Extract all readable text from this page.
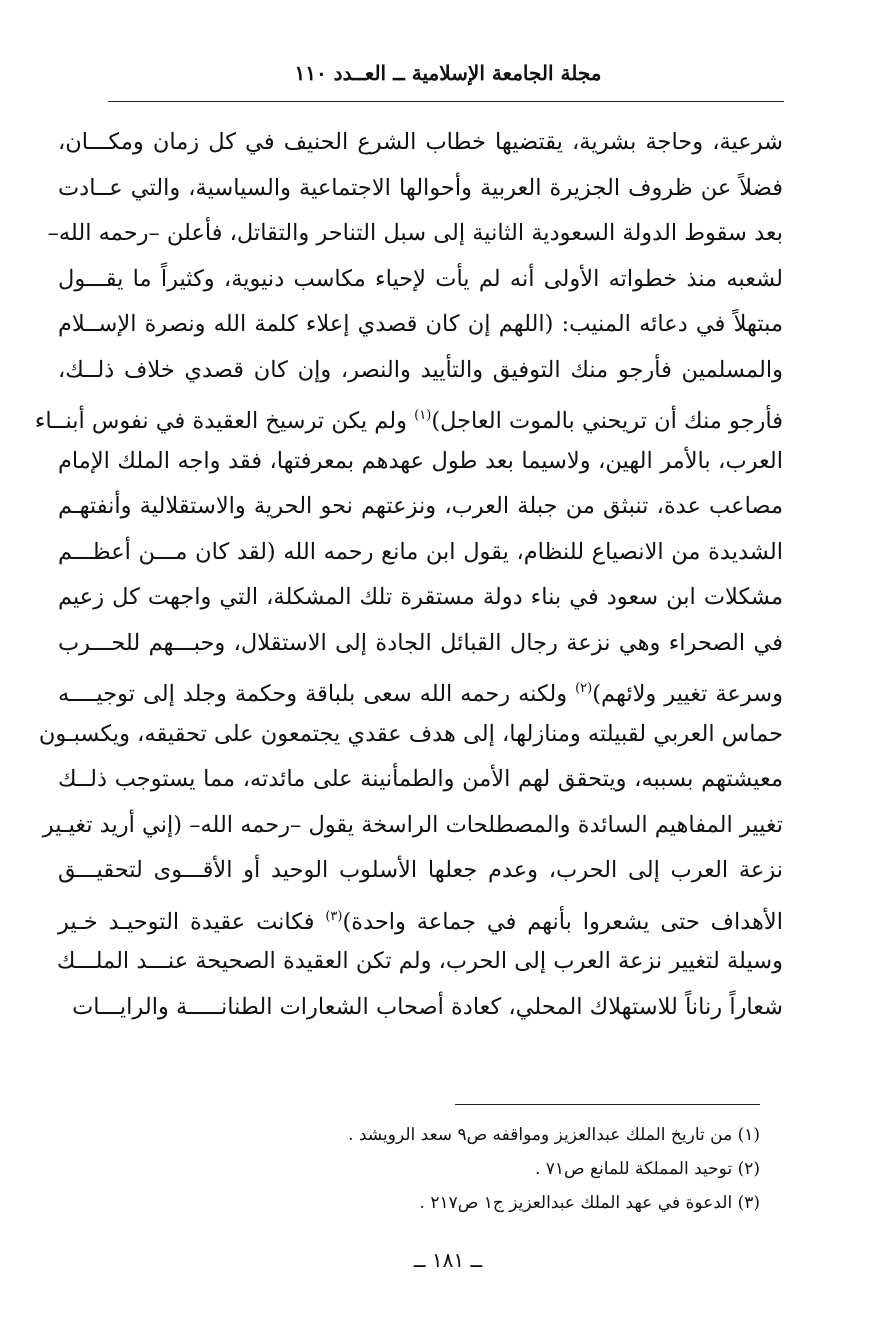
مجلة الجامعة الإسلامية ــ العــدد ١١٠
شرعية، وحاجة بشرية، يقتضيها خطاب الشرع الحنيف في كل زمان ومكـــان،
فضلاً عن ظروف الجزيرة العربية وأحوالها الاجتماعية والسياسية، والتي عــادت
بعد سقوط الدولة السعودية الثانية إلى سبل التناحر والتقاتل، فأعلن –رحمه الله–
لشعبه منذ خطواته الأولى أنه لم يأت لإحياء مكاسب دنيوية، وكثيراً ما يقـــول
مبتهلاً في دعائه المنيب: (اللهم إن كان قصدي إعلاء كلمة الله ونصرة الإســلام
والمسلمين فأرجو منك التوفيق والتأييد والنصر، وإن كان قصدي خلاف ذلــك،
فأرجو منك أن تريحني بالموت العاجل)$^{(١)}$ ولم يكن ترسيخ العقيدة في نفوس أبنــاء
العرب، بالأمر الهين، ولاسيما بعد طول عهدهم بمعرفتها، فقد واجه الملك الإمام
مصاعب عدة، تنبثق من جبلة العرب، ونزعتهم نحو الحرية والاستقلالية وأنفتهـم
الشديدة من الانصياع للنظام، يقول ابن مانع رحمه الله (لقد كان مـــن أعظـــم
مشكلات ابن سعود في بناء دولة مستقرة تلك المشكلة، التي واجهت كل زعيم
في الصحراء وهي نزعة رجال القبائل الجادة إلى الاستقلال، وحبـــهم للحـــرب
وسرعة تغيير ولائهم)$^{(٢)}$ ولكنه رحمه الله سعى بلباقة وحكمة وجلد إلى توجيــــه
حماس العربي لقبيلته ومنازلها، إلى هدف عقدي يجتمعون على تحقيقه، ويكسبـون
معيشتهم بسببه، ويتحقق لهم الأمن والطمأنينة على مائدته، مما يستوجب ذلــك
تغيير المفاهيم السائدة والمصطلحات الراسخة يقول –رحمه الله– (إني أريد تغيـير
نزعة العرب إلى الحرب، وعدم جعلها الأسلوب الوحيد أو الأقـــوى لتحقيـــق
الأهداف حتى يشعروا بأنهم في جماعة واحدة)$^{(٣)}$ فكانت عقيدة التوحيـد خـير
وسيلة لتغيير نزعة العرب إلى الحرب، ولم تكن العقيدة الصحيحة عنـــد الملـــك
شعاراً رناناً للاستهلاك المحلي، كعادة أصحاب الشعارات الطنانـــــة والرايـــات
(١) من تاريخ الملك عبدالعزيز ومواقفه ص٩ سعد الرويشد .
(٢) توحيد المملكة للمانع ص٧١ .
(٣) الدعوة في عهد الملك عبدالعزيز ج١ ص٢١٧ .
ــ ١٨١ ــ
